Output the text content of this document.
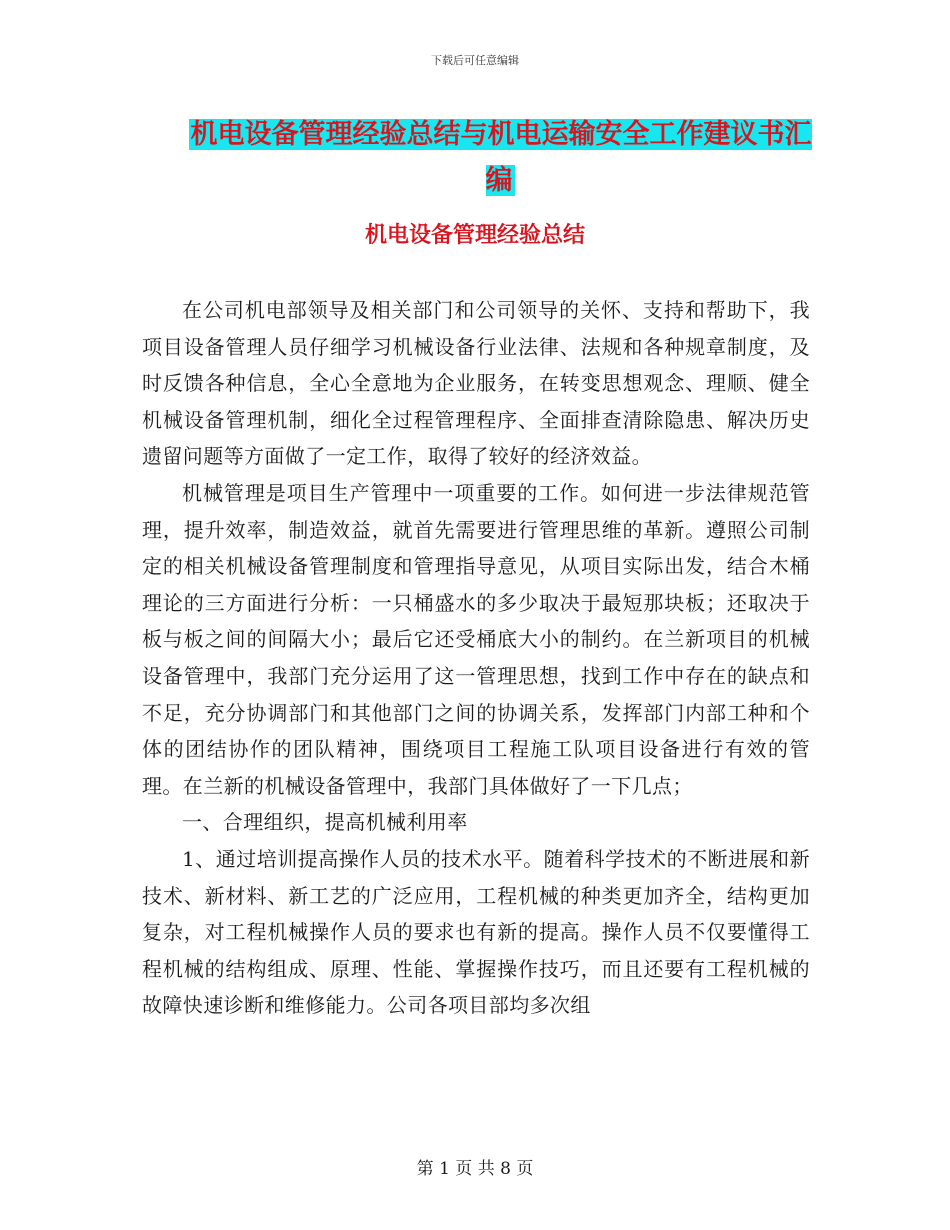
下载后可任意编辑
机电设备管理经验总结与机电运输安全工作建议书汇编
机电设备管理经验总结

在公司机电部领导及相关部门和公司领导的关怀、支持和帮助下，我项目设备管理人员仔细学习机械设备行业法律、法规和各种规章制度，及时反馈各种信息，全心全意地为企业服务，在转变思想观念、理顺、健全机械设备管理机制，细化全过程管理程序、全面排查清除隐患、解决历史遗留问题等方面做了一定工作，取得了较好的经济效益。

机械管理是项目生产管理中一项重要的工作。如何进一步法律规范管理，提升效率，制造效益，就首先需要进行管理思维的革新。遵照公司制定的相关机械设备管理制度和管理指导意见，从项目实际出发，结合木桶理论的三方面进行分析：一只桶盛水的多少取决于最短那块板；还取决于板与板之间的间隔大小；最后它还受桶底大小的制约。在兰新项目的机械设备管理中，我部门充分运用了这一管理思想，找到工作中存在的缺点和不足，充分协调部门和其他部门之间的协调关系，发挥部门内部工种和个体的团结协作的团队精神，围绕项目工程施工队项目设备进行有效的管理。在兰新的机械设备管理中，我部门具体做好了一下几点；

一、合理组织，提高机械利用率

1、通过培训提高操作人员的技术水平。随着科学技术的不断进展和新技术、新材料、新工艺的广泛应用，工程机械的种类更加齐全，结构更加复杂，对工程机械操作人员的要求也有新的提高。操作人员不仅要懂得工程机械的结构组成、原理、性能、掌握操作技巧，而且还要有工程机械的故障快速诊断和维修能力。公司各项目部均多次组

第 1 页 共 8 页
